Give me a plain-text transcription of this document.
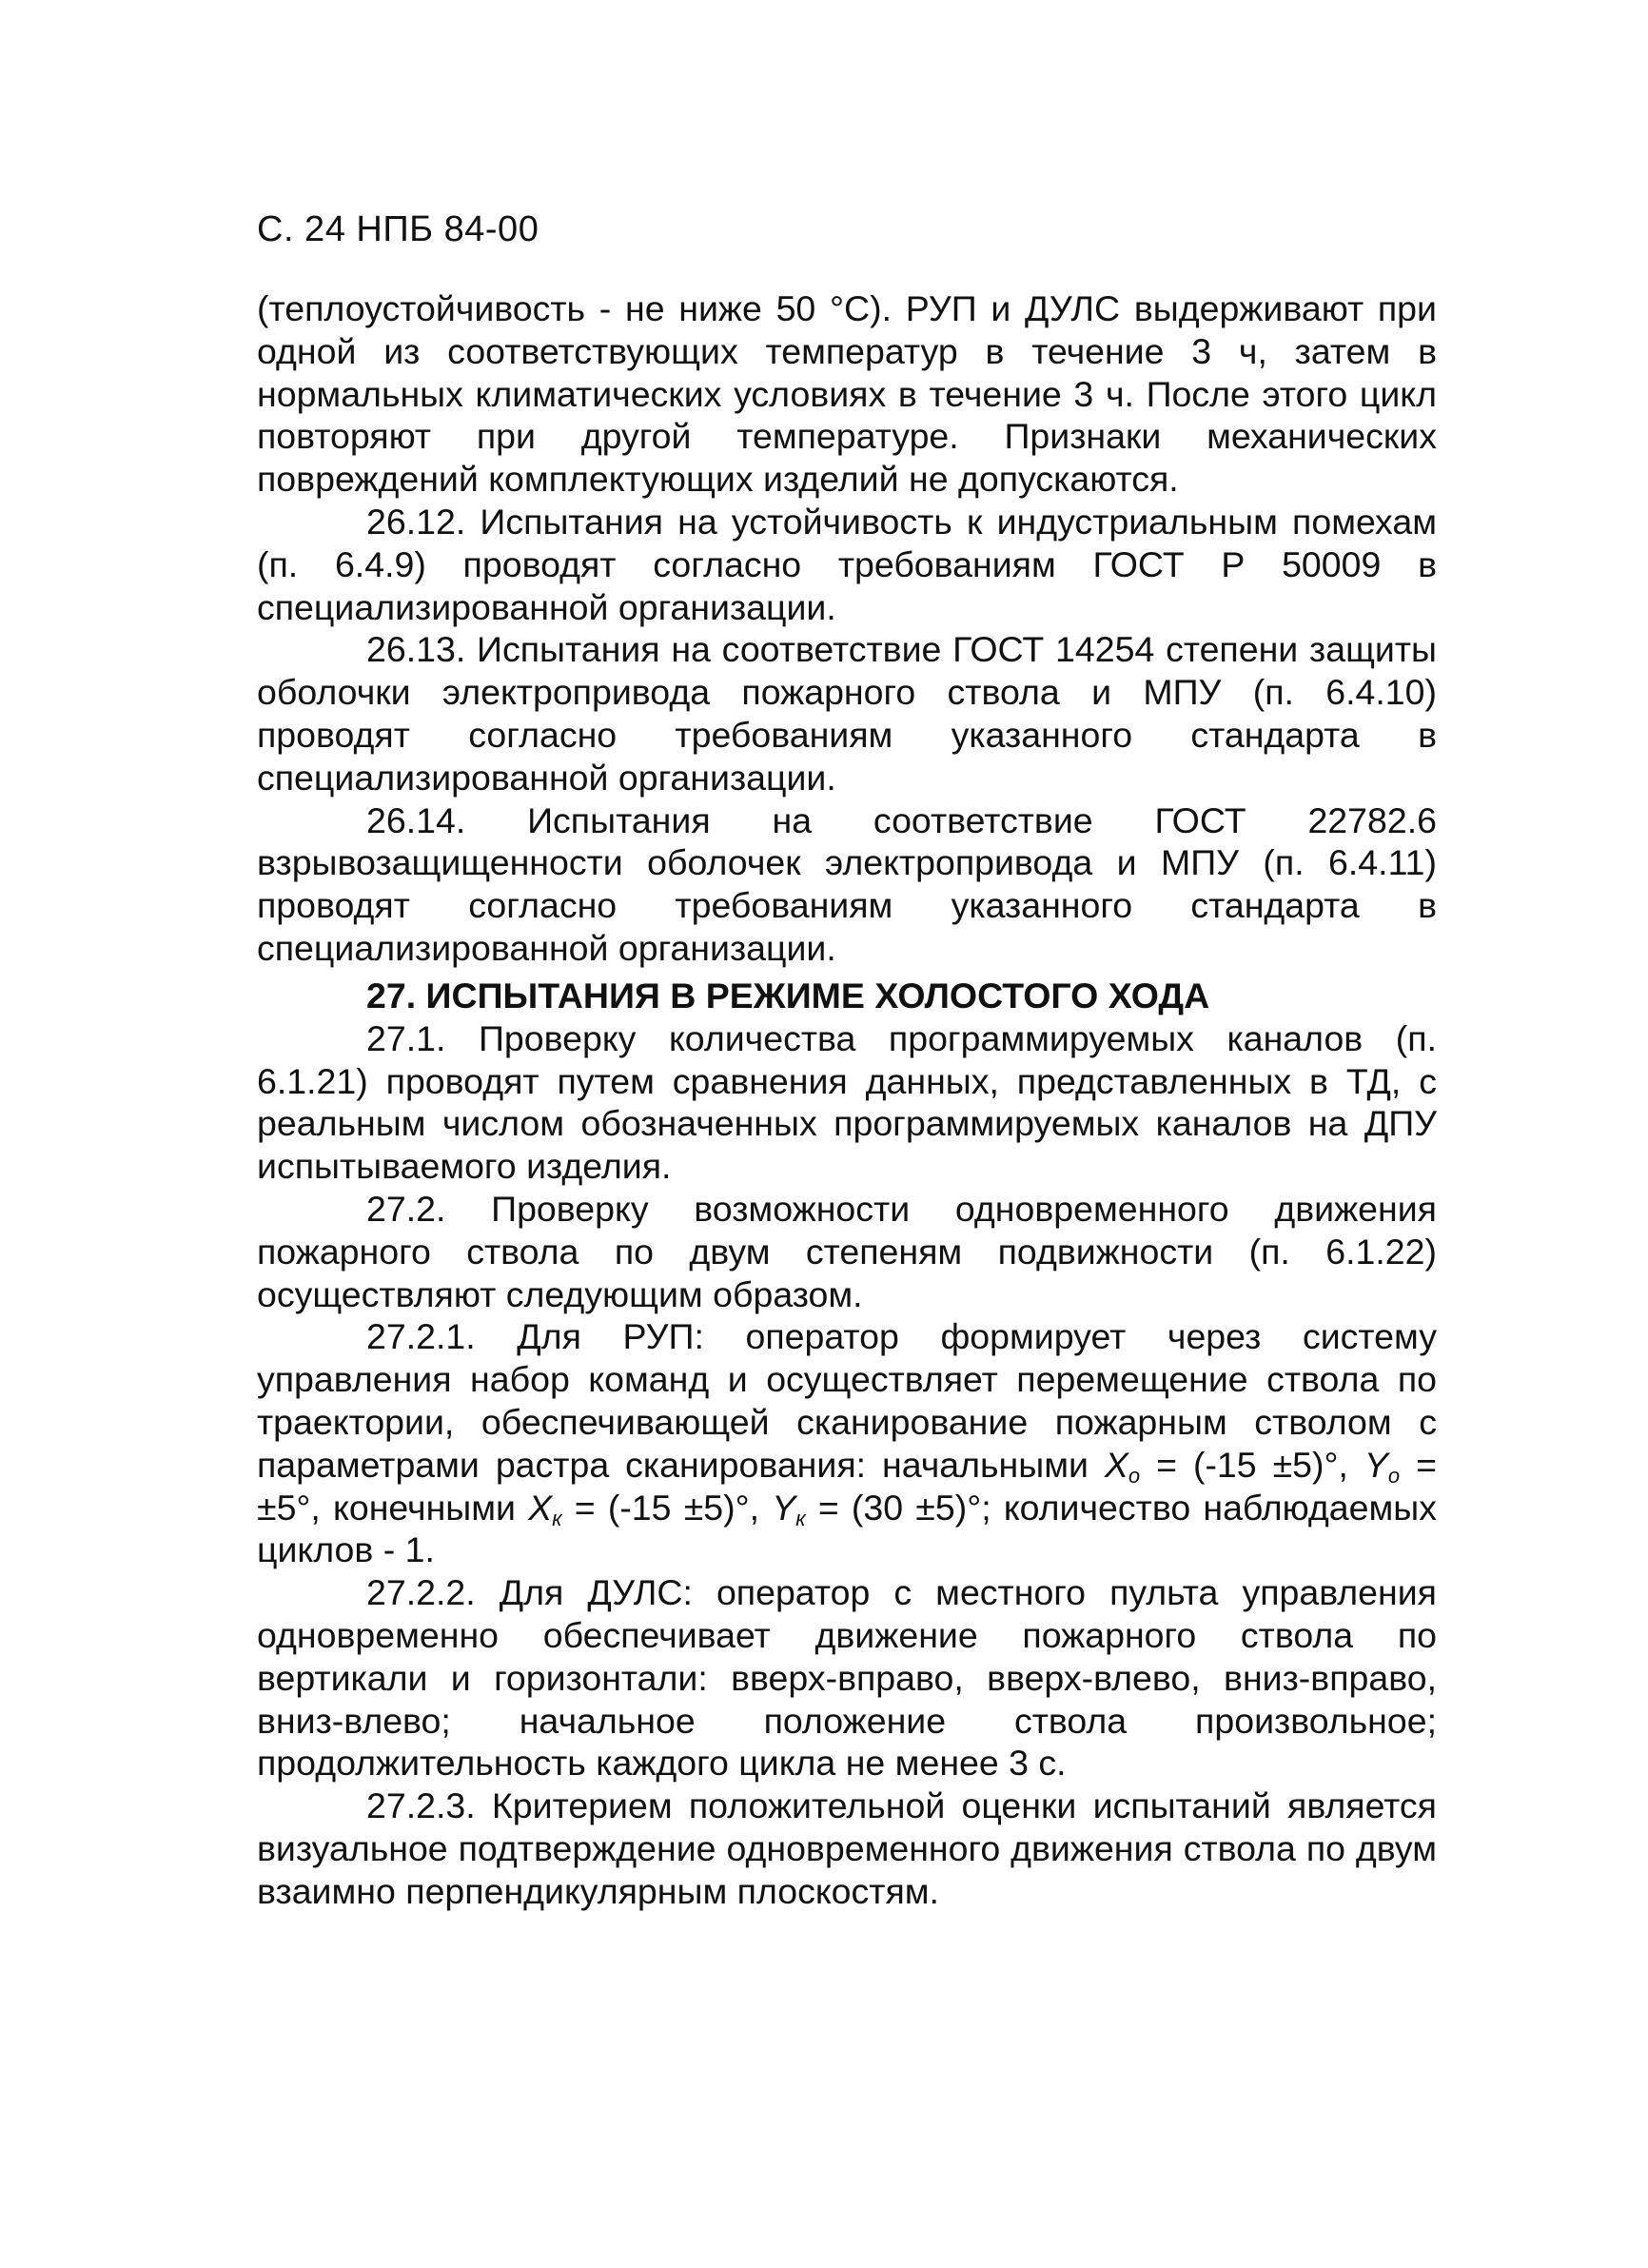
С. 24 НПБ 84-00

(теплоустойчивость - не ниже 50 °С). РУП и ДУЛС выдерживают при одной из соответствующих температур в течение 3 ч, затем в нормальных климатических условиях в течение 3 ч. После этого цикл повторяют при другой температуре. Признаки механических повреждений комплектующих изделий не допускаются.

26.12. Испытания на устойчивость к индустриальным помехам (п. 6.4.9) проводят согласно требованиям ГОСТ Р 50009 в специализированной организации.

26.13. Испытания на соответствие ГОСТ 14254 степени защиты оболочки электропривода пожарного ствола и МПУ (п. 6.4.10) проводят согласно требованиям указанного стандарта в специализированной организации.

26.14. Испытания на соответствие ГОСТ 22782.6 взрывозащищенности оболочек электропривода и МПУ (п. 6.4.11) проводят согласно требованиям указанного стандарта в специализированной организации.

27. ИСПЫТАНИЯ В РЕЖИМЕ ХОЛОСТОГО ХОДА

27.1. Проверку количества программируемых каналов (п. 6.1.21) проводят путем сравнения данных, представленных в ТД, с реальным числом обозначенных программируемых каналов на ДПУ испытываемого изделия.

27.2. Проверку возможности одновременного движения пожарного ствола по двум степеням подвижности (п. 6.1.22) осуществляют следующим образом.

27.2.1. Для РУП: оператор формирует через систему управления набор команд и осуществляет перемещение ствола по траектории, обеспечивающей сканирование пожарным стволом с параметрами растра сканирования: начальными $X_o = (-15 \pm 5)^\circ$, $Y_o = \pm 5^\circ$, конечными $X_к = (-15 \pm 5)^\circ$, $Y_к = (30 \pm 5)^\circ$; количество наблюдаемых циклов - 1.

27.2.2. Для ДУЛС: оператор с местного пульта управления одновременно обеспечивает движение пожарного ствола по вертикали и горизонтали: вверх-вправо, вверх-влево, вниз-вправо, вниз-влево; начальное положение ствола произвольное; продолжительность каждого цикла не менее 3 с.

27.2.3. Критерием положительной оценки испытаний является визуальное подтверждение одновременного движения ствола по двум взаимно перпендикулярным плоскостям.
